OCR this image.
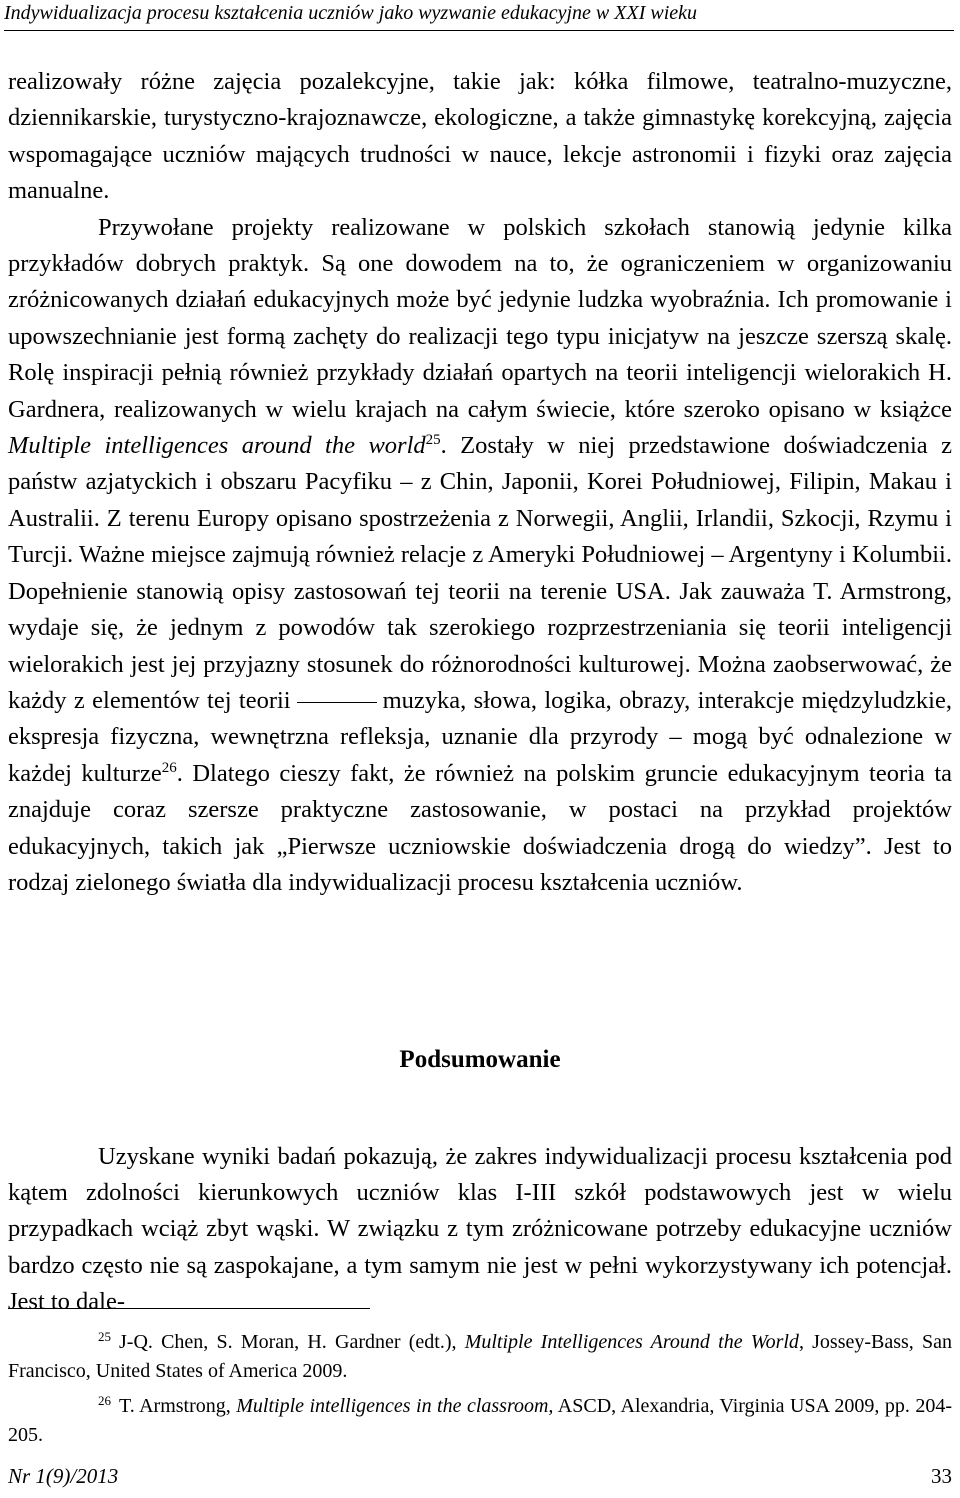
Indywidualizacja procesu kształcenia uczniów jako wyzwanie edukacyjne w XXI wieku

realizowały różne zajęcia pozalekcyjne, takie jak: kółka filmowe, teatralno-muzyczne, dziennikarskie, turystyczno-krajoznawcze, ekologiczne, a także gimnastykę korekcyjną, zajęcia wspomagające uczniów mających trudności w nauce, lekcje astronomii i fizyki oraz zajęcia manualne.

Przywołane projekty realizowane w polskich szkołach stanowią jedynie kilka przykładów dobrych praktyk. Są one dowodem na to, że ograniczeniem w organizowaniu zróżnicowanych działań edukacyjnych może być jedynie ludzka wyobraźnia. Ich promowanie i upowszechnianie jest formą zachęty do realizacji tego typu inicjatyw na jeszcze szerszą skalę. Rolę inspiracji pełnią również przykłady działań opartych na teorii inteligencji wielorakich H. Gardnera, realizowanych w wielu krajach na całym świecie, które szeroko opisano w książce Multiple intelligences around the world$^{25}$. Zostały w niej przedstawione doświadczenia z państw azjatyckich i obszaru Pacyfiku – z Chin, Japonii, Korei Południowej, Filipin, Makau i Australii. Z terenu Europy opisano spostrzeżenia z Norwegii, Anglii, Irlandii, Szkocji, Rzymu i Turcji. Ważne miejsce zajmują również relacje z Ameryki Południowej – Argentyny i Kolumbii. Dopełnienie stanowią opisy zastosowań tej teorii na terenie USA. Jak zauważa T. Armstrong, wydaje się, że jednym z powodów tak szerokiego rozprzestrzeniania się teorii inteligencji wielorakich jest jej przyjazny stosunek do różnorodności kulturowej. Można zaobserwować, że każdy z elementów tej teorii	muzyka, słowa, logika, obrazy, interakcje międzyludzkie, ekspresja fizyczna, wewnętrzna refleksja, uznanie dla przyrody – mogą być odnalezione w każdej kulturze$^{26}$. Dlatego cieszy fakt, że również na polskim gruncie edukacyjnym teoria ta znajduje coraz szersze praktyczne zastosowanie, w postaci na przykład projektów edukacyjnych, takich jak „Pierwsze uczniowskie doświadczenia drogą do wiedzy”. Jest to rodzaj zielonego światła dla indywidualizacji procesu kształcenia uczniów.

Podsumowanie

Uzyskane wyniki badań pokazują, że zakres indywidualizacji procesu kształcenia pod kątem zdolności kierunkowych uczniów klas I-III szkół podstawowych jest w wielu przypadkach wciąż zbyt wąski. W związku z tym zróżnicowane potrzeby edukacyjne uczniów bardzo często nie są zaspokajane, a tym samym nie jest w pełni wykorzystywany ich potencjał. Jest to dale-

$^{25}$ J-Q. Chen, S. Moran, H. Gardner (edt.), Multiple Intelligences Around the World, Jossey-Bass, San Francisco, United States of America 2009.

$^{26}$ T. Armstrong, Multiple intelligences in the classroom, ASCD, Alexandria, Virginia USA 2009, pp. 204-205.

Nr 1(9)/2013	33
